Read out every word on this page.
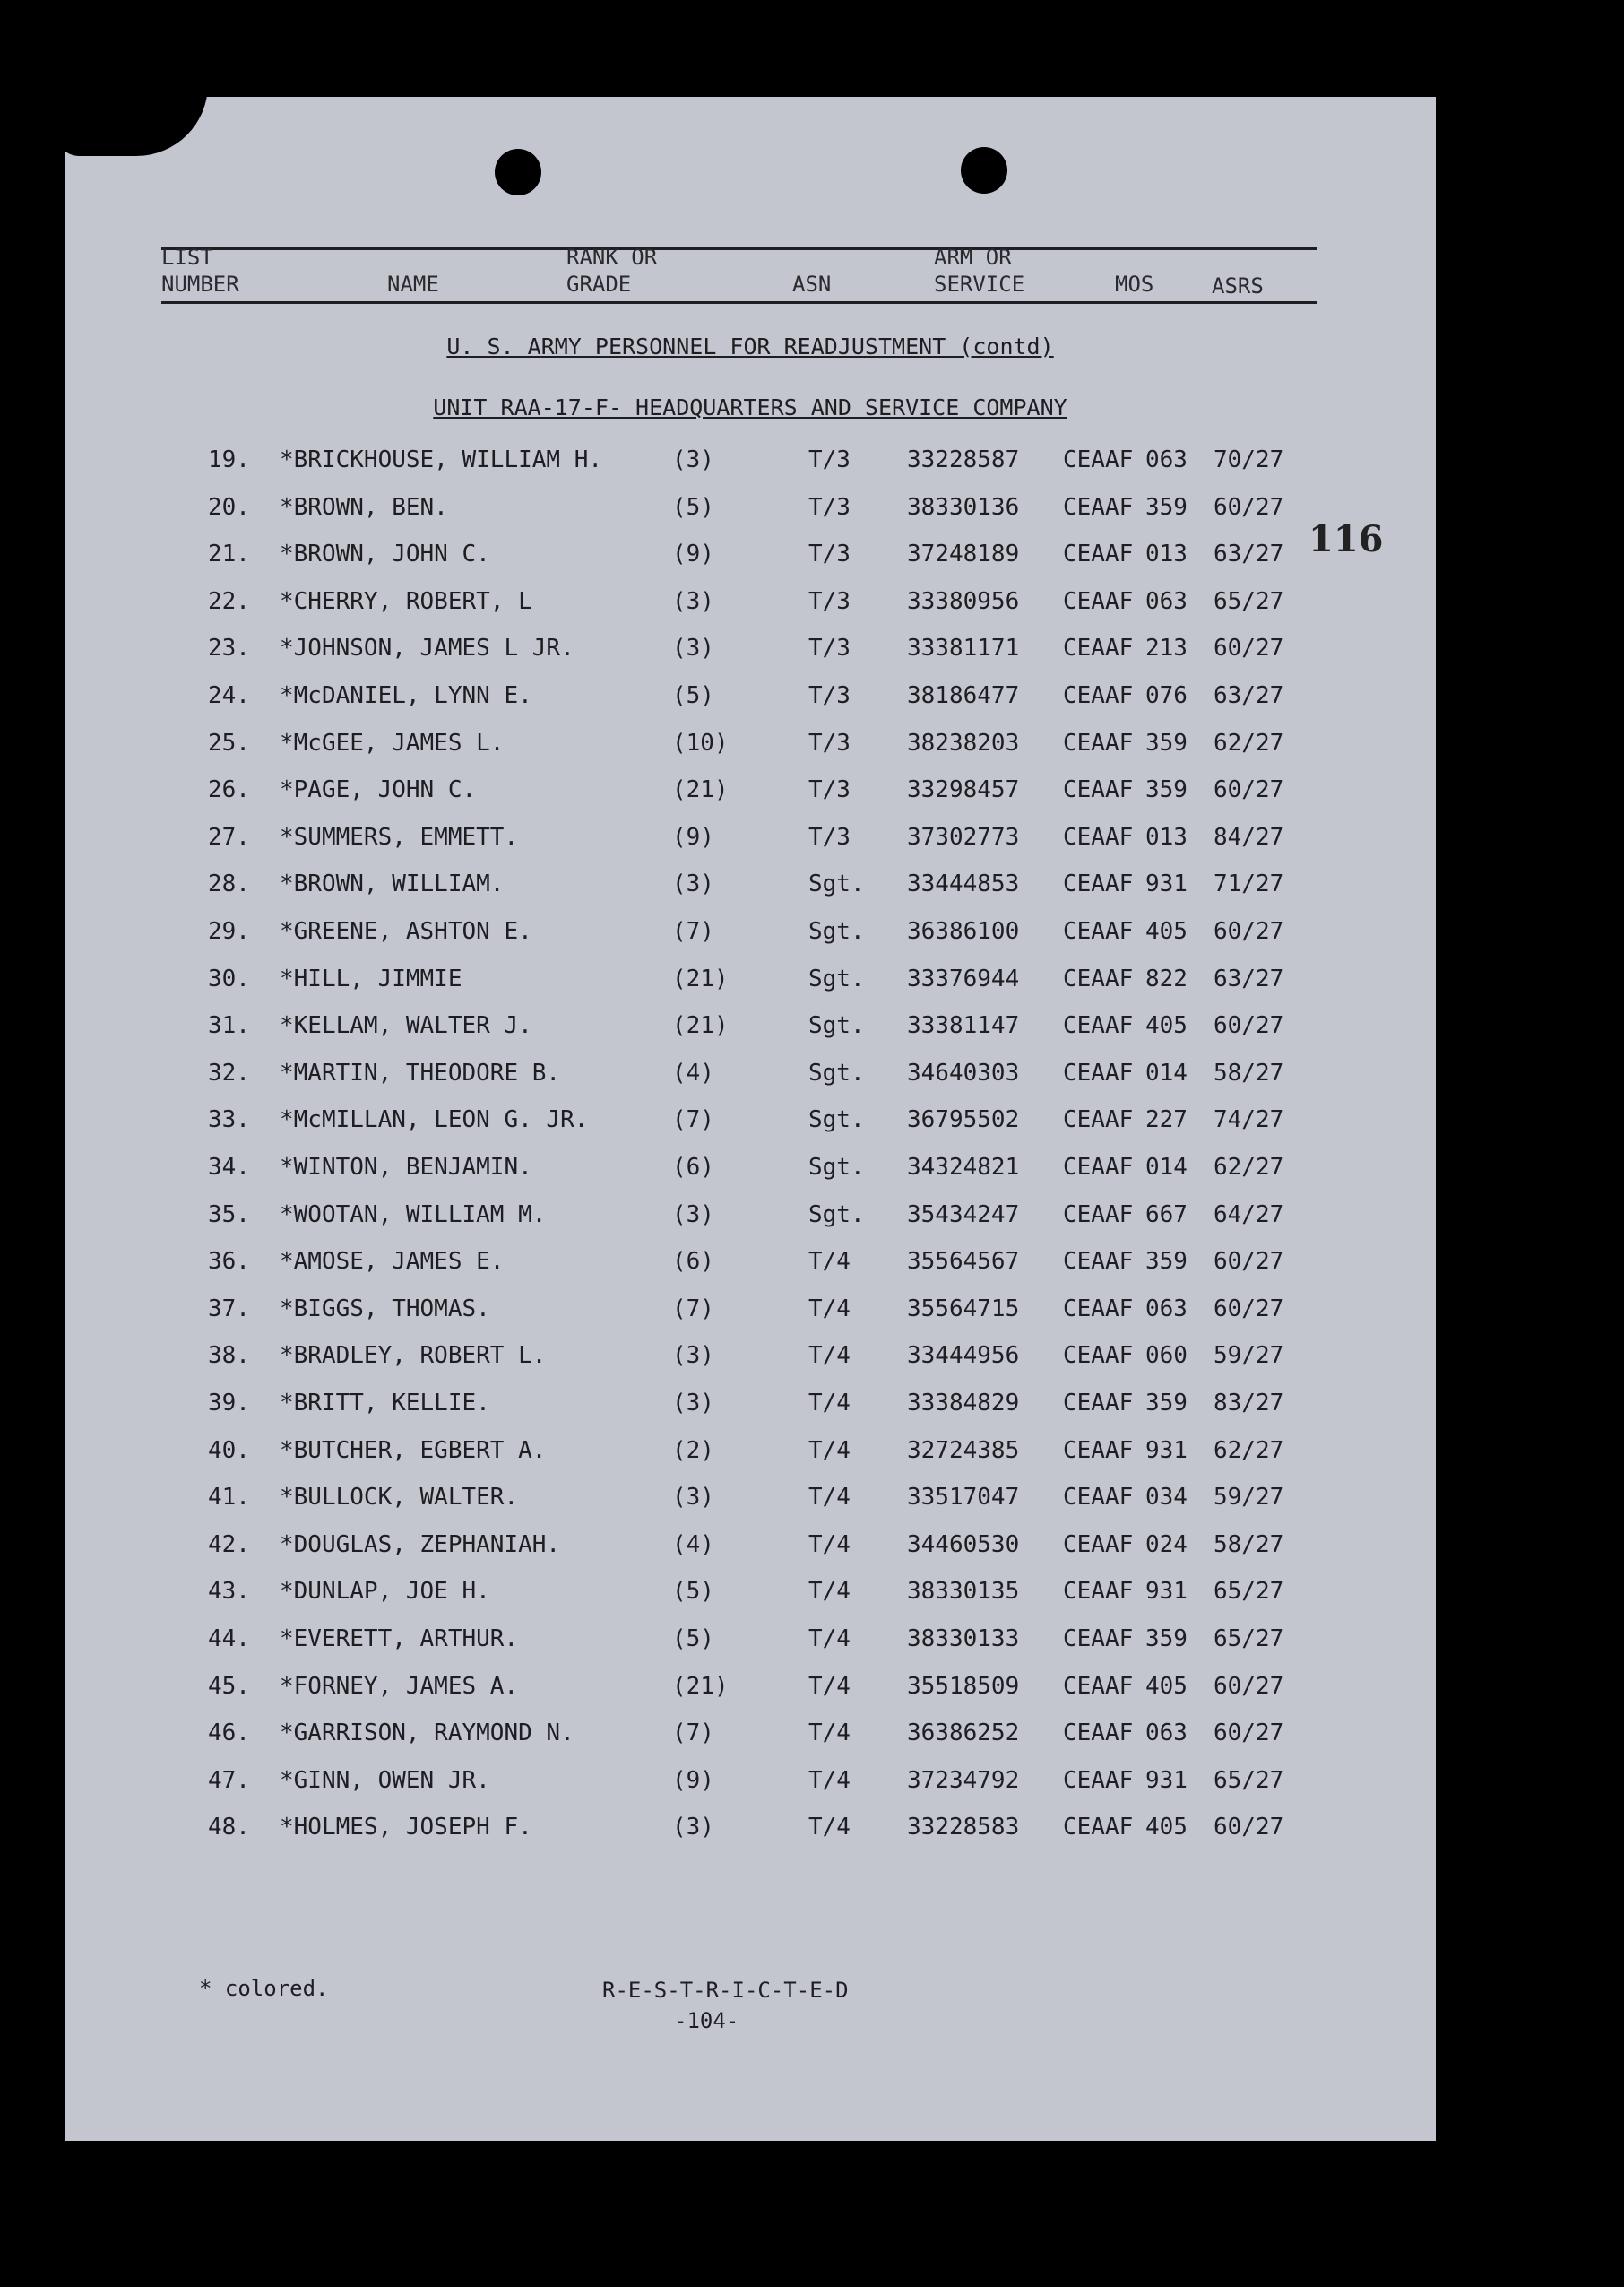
LIST
NUMBER	NAME
RANK OR
GRADE	ASN
ARM OR
SERVICE	MOS	ASRS
U. S. ARMY PERSONNEL FOR READJUSTMENT (contd)
UNIT RAA-17-F- HEADQUARTERS AND SERVICE COMPANY
116
19. *BRICKHOUSE, WILLIAM H.	(3)	T/3 33228587 CEAAF 063 70/27
20. *BROWN, BEN.	(5)	T/3 38330136 CEAAF 359 60/27
21. *BROWN, JOHN C.	(9)	T/3 37248189 CEAAF 013 63/27
22. *CHERRY, ROBERT, L	(3)	T/3 33380956 CEAAF 063 65/27
23. *JOHNSON, JAMES L JR.	(3)	T/3 33381171 CEAAF 213 60/27
24. *McDANIEL, LYNN E.	(5)	T/3 38186477 CEAAF 076 63/27
25. *McGEE, JAMES L.	(10)	T/3 38238203 CEAAF 359 62/27
26. *PAGE, JOHN C.	(21)	T/3 33298457 CEAAF 359 60/27
27. *SUMMERS, EMMETT.	(9)	T/3 37302773 CEAAF 013 84/27
28. *BROWN, WILLIAM.	(3)	Sgt. 33444853 CEAAF 931 71/27
29. *GREENE, ASHTON E.	(7)	Sgt. 36386100 CEAAF 405 60/27
30. *HILL, JIMMIE	(21)	Sgt. 33376944 CEAAF 822 63/27
31. *KELLAM, WALTER J.	(21)	Sgt. 33381147 CEAAF 405 60/27
32. *MARTIN, THEODORE B.	(4)	Sgt. 34640303 CEAAF 014 58/27
33. *McMILLAN, LEON G. JR.	(7)	Sgt. 36795502 CEAAF 227 74/27
34. *WINTON, BENJAMIN.	(6)	Sgt. 34324821 CEAAF 014 62/27
35. *WOOTAN, WILLIAM M.	(3)	Sgt. 35434247 CEAAF 667 64/27
36. *AMOSE, JAMES E.	(6)	T/4 35564567 CEAAF 359 60/27
37. *BIGGS, THOMAS.	(7)	T/4 35564715 CEAAF 063 60/27
38. *BRADLEY, ROBERT L.	(3)	T/4 33444956 CEAAF 060 59/27
39. *BRITT, KELLIE.	(3)	T/4 33384829 CEAAF 359 83/27
40. *BUTCHER, EGBERT A.	(2)	T/4 32724385 CEAAF 931 62/27
41. *BULLOCK, WALTER.	(3)	T/4 33517047 CEAAF 034 59/27
42. *DOUGLAS, ZEPHANIAH.	(4)	T/4 34460530 CEAAF 024 58/27
43. *DUNLAP, JOE H.	(5)	T/4 38330135 CEAAF 931 65/27
44. *EVERETT, ARTHUR.	(5)	T/4 38330133 CEAAF 359 65/27
45. *FORNEY, JAMES A.	(21)	T/4 35518509 CEAAF 405 60/27
46. *GARRISON, RAYMOND N.	(7)	T/4 36386252 CEAAF 063 60/27
47. *GINN, OWEN JR.	(9)	T/4 37234792 CEAAF 931 65/27
48. *HOLMES, JOSEPH F.	(3)	T/4 33228583 CEAAF 405 60/27
* colored.	R-E-S-T-R-I-C-T-E-D
-104-
